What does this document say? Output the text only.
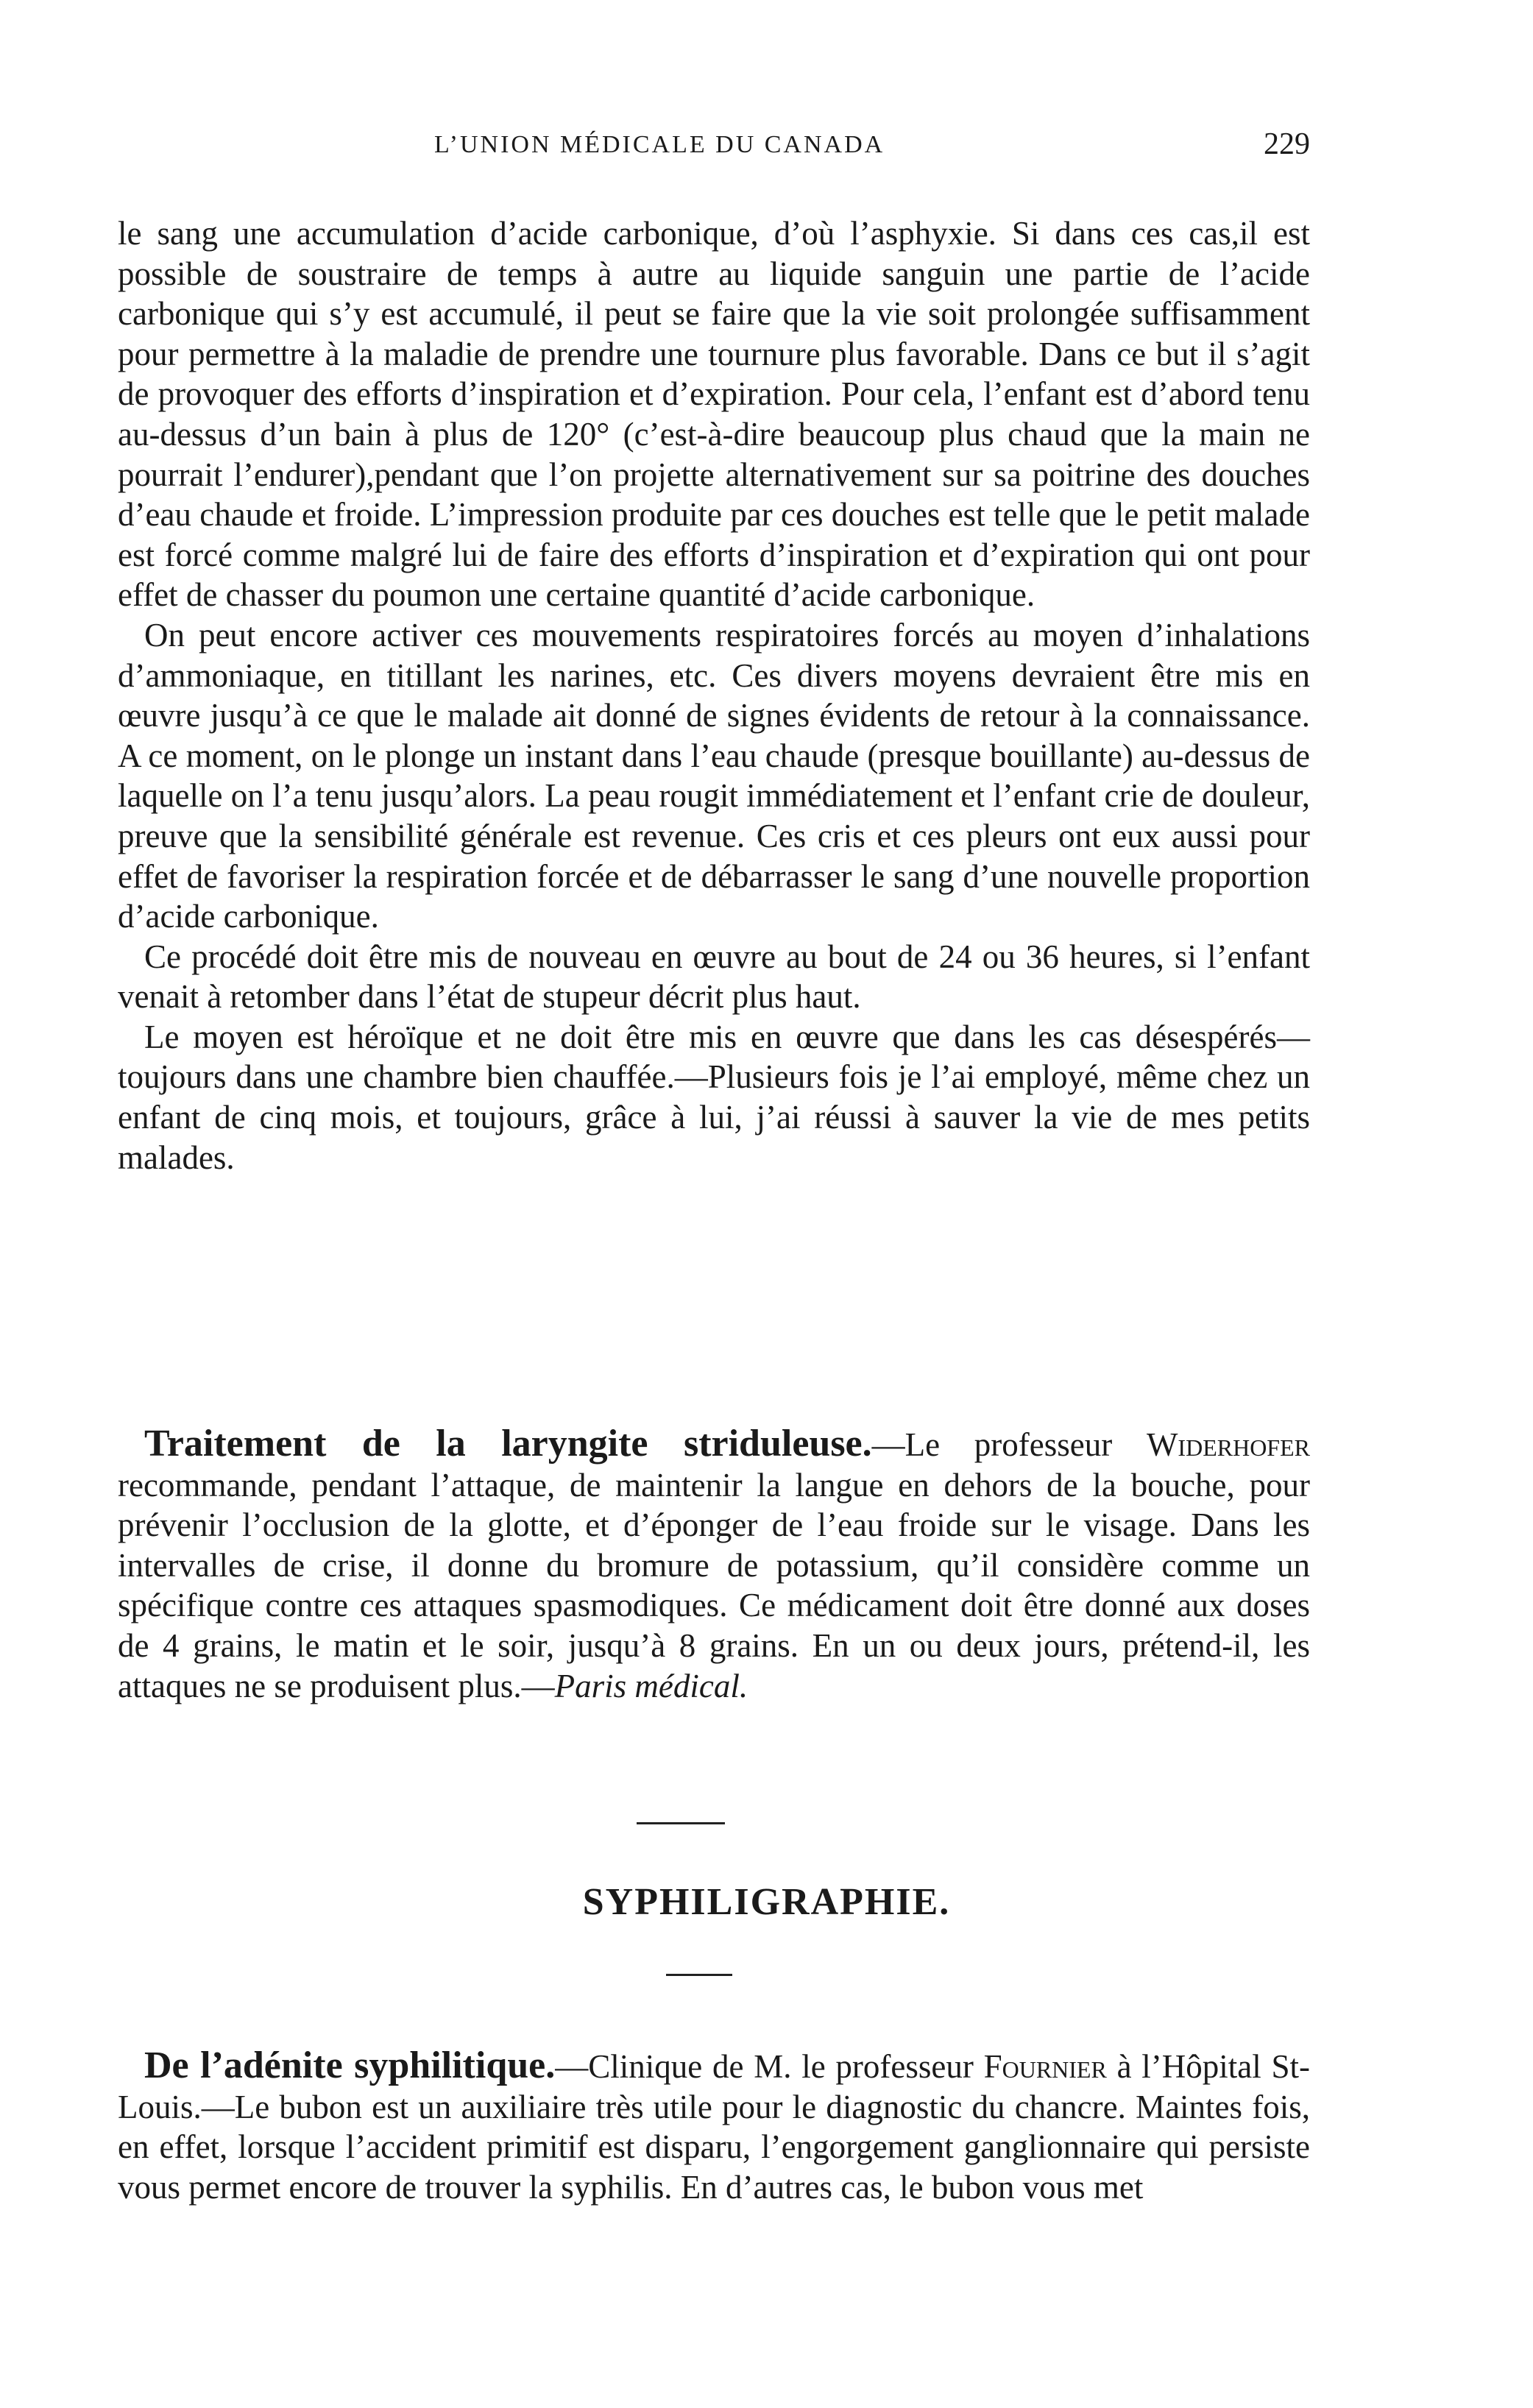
L’UNION MÉDICALE DU CANADA	229

le sang une accumulation d’acide carbonique, d’où l’asphyxie. Si dans ces cas,il est possible de soustraire de temps à autre au liquide sanguin une partie de l’acide carbonique qui s’y est accumulé, il peut se faire que la vie soit prolongée suffisamment pour permettre à la maladie de prendre une tournure plus favorable. Dans ce but il s’agit de provoquer des efforts d’inspiration et d’expiration. Pour cela, l’enfant est d’abord tenu au-dessus d’un bain à plus de 120° (c’est-à-dire beaucoup plus chaud que la main ne pourrait l’endurer),pendant que l’on projette alternativement sur sa poitrine des douches d’eau chaude et froide. L’impression produite par ces douches est telle que le petit malade est forcé comme malgré lui de faire des efforts d’inspiration et d’expiration qui ont pour effet de chasser du poumon une certaine quantité d’acide carbonique.

On peut encore activer ces mouvements respiratoires forcés au moyen d’inhalations d’ammoniaque, en titillant les narines, etc. Ces divers moyens devraient être mis en œuvre jusqu’à ce que le malade ait donné de signes évidents de retour à la connaissance. A ce moment, on le plonge un instant dans l’eau chaude (presque bouillante) au-dessus de laquelle on l’a tenu jusqu’alors. La peau rougit immédiatement et l’enfant crie de douleur, preuve que la sensibilité générale est revenue. Ces cris et ces pleurs ont eux aussi pour effet de favoriser la respiration forcée et de débarrasser le sang d’une nouvelle proportion d’acide carbonique.

Ce procédé doit être mis de nouveau en œuvre au bout de 24 ou 36 heures, si l’enfant venait à retomber dans l’état de stupeur décrit plus haut.

Le moyen est héroïque et ne doit être mis en œuvre que dans les cas désespérés—toujours dans une chambre bien chauffée.—Plusieurs fois je l’ai employé, même chez un enfant de cinq mois, et toujours, grâce à lui, j’ai réussi à sauver la vie de mes petits malades.

Traitement de la laryngite striduleuse.—Le professeur Widerhofer recommande, pendant l’attaque, de maintenir la langue en dehors de la bouche, pour prévenir l’occlusion de la glotte, et d’éponger de l’eau froide sur le visage. Dans les intervalles de crise, il donne du bromure de potassium, qu’il considère comme un spécifique contre ces attaques spasmodiques. Ce médicament doit être donné aux doses de 4 grains, le matin et le soir, jusqu’à 8 grains. En un ou deux jours, prétend-il, les attaques ne se produisent plus.—Paris médical.

SYPHILIGRAPHIE.

De l’adénite syphilitique.—Clinique de M. le professeur Fournier à l’Hôpital St-Louis.—Le bubon est un auxiliaire très utile pour le diagnostic du chancre. Maintes fois, en effet, lorsque l’accident primitif est disparu, l’engorgement ganglionnaire qui persiste vous permet encore de trouver la syphilis. En d’autres cas, le bubon vous met
